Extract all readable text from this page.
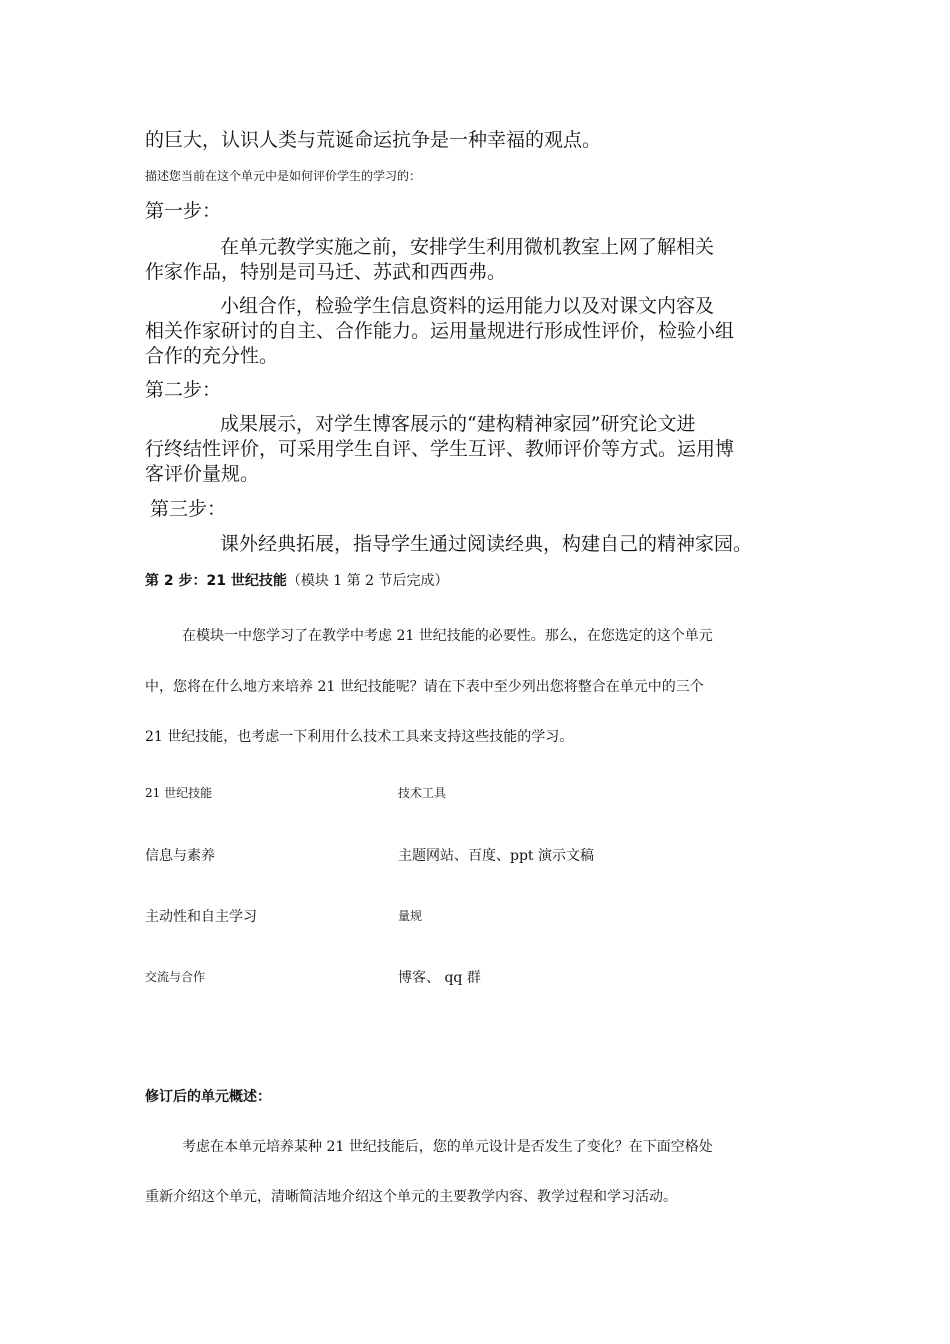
的巨大，认识人类与荒诞命运抗争是一种幸福的观点。
描述您当前在这个单元中是如何评价学生的学习的：
第一步：
在单元教学实施之前，安排学生利用微机教室上网了解相关
作家作品，特别是司马迁、苏武和西西弗。
小组合作，检验学生信息资料的运用能力以及对课文内容及
相关作家研讨的自主、合作能力。运用量规进行形成性评价，检验小组
合作的充分性。
第二步：
成果展示，对学生博客展示的“建构精神家园”研究论文进
行终结性评价，可采用学生自评、学生互评、教师评价等方式。运用博
客评价量规。
第三步：
课外经典拓展，指导学生通过阅读经典，构建自己的精神家园。
第 2 步：21 世纪技能（模块 1 第 2 节后完成）
在模块一中您学习了在教学中考虑 21 世纪技能的必要性。那么，在您选定的这个单元
中，您将在什么地方来培养 21 世纪技能呢？请在下表中至少列出您将整合在单元中的三个
21 世纪技能，也考虑一下利用什么技术工具来支持这些技能的学习。
21 世纪技能	技术工具
信息与素养	主题网站、百度、ppt 演示文稿
主动性和自主学习	量规
交流与合作	博客、 qq 群
修订后的单元概述：
考虑在本单元培养某种 21 世纪技能后，您的单元设计是否发生了变化？在下面空格处
重新介绍这个单元，清晰简洁地介绍这个单元的主要教学内容、教学过程和学习活动。
